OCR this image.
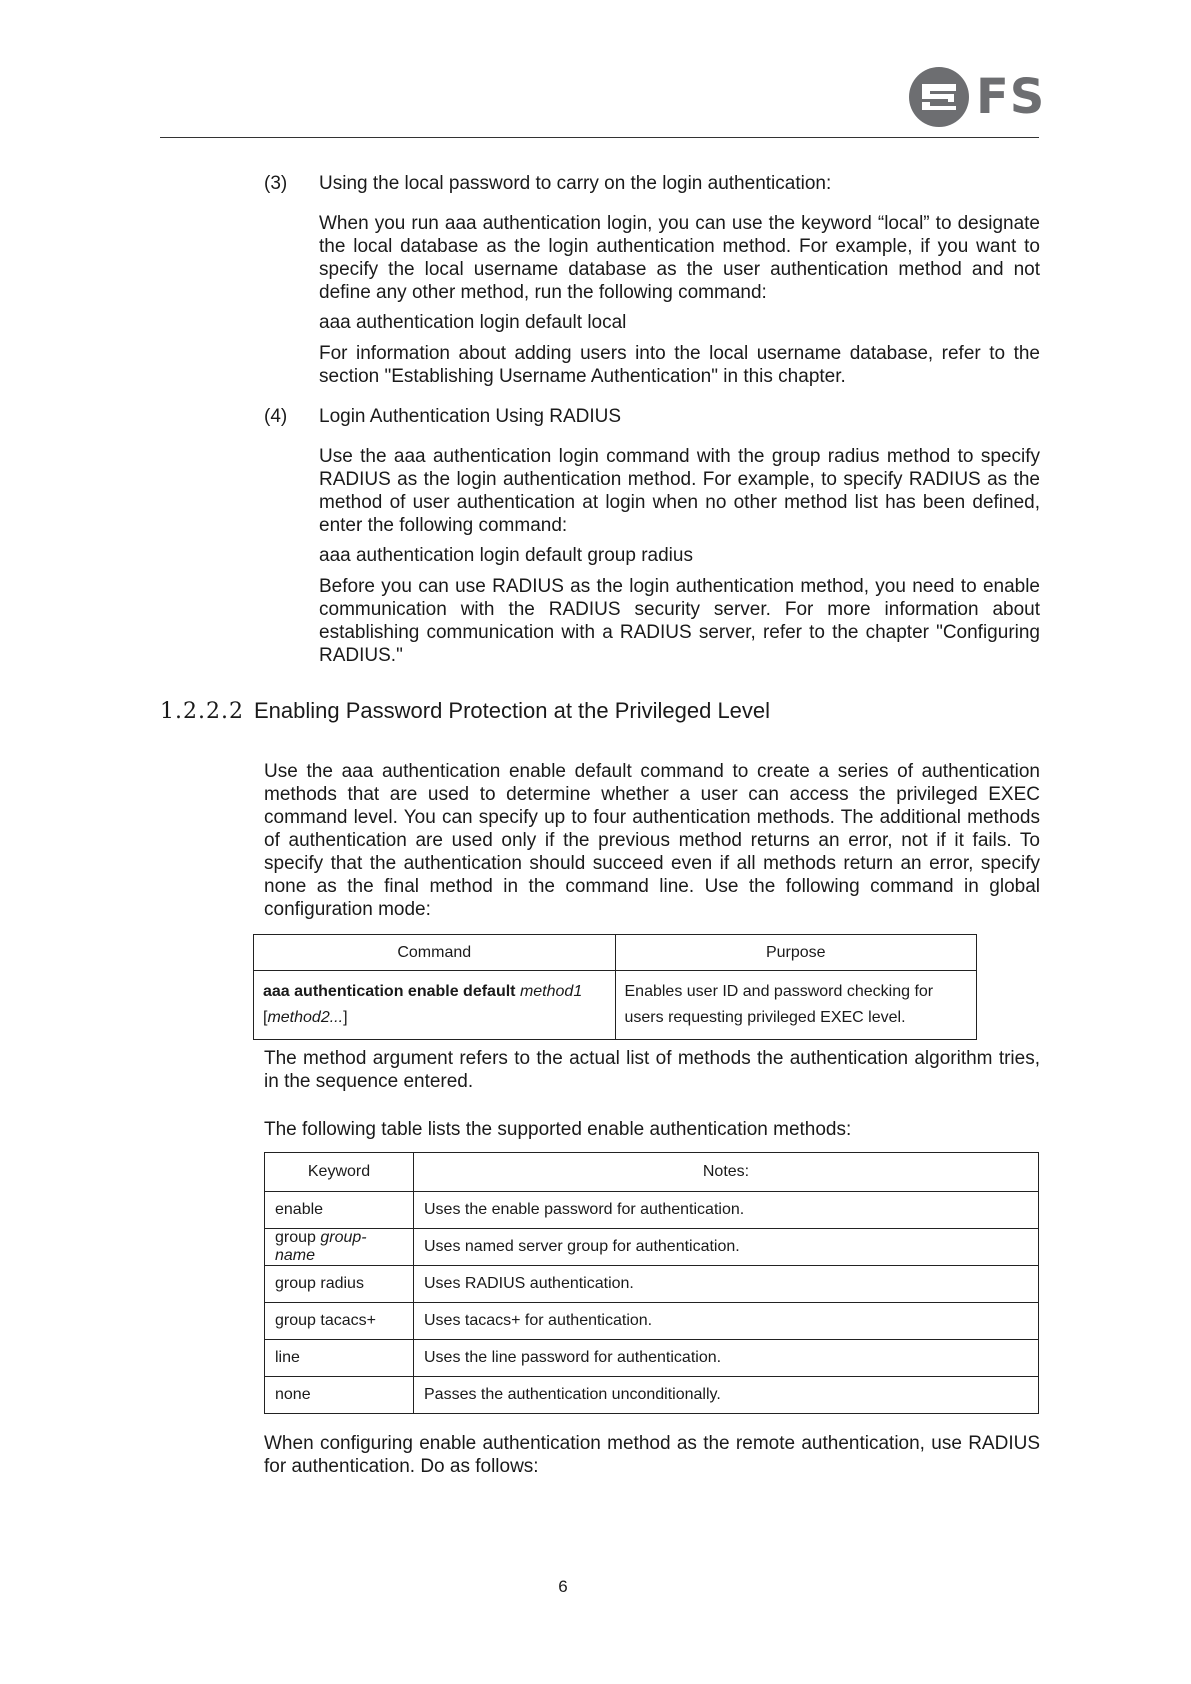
FS
(3) Using the local password to carry on the login authentication:

When you run aaa authentication login, you can use the keyword “local” to designate the local database as the login authentication method. For example, if you want to specify the local username database as the user authentication method and not define any other method, run the following command:

aaa authentication login default local

For information about adding users into the local username database, refer to the section "Establishing Username Authentication" in this chapter.

(4) Login Authentication Using RADIUS

Use the aaa authentication login command with the group radius method to specify RADIUS as the login authentication method. For example, to specify RADIUS as the method of user authentication at login when no other method list has been defined, enter the following command:

aaa authentication login default group radius

Before you can use RADIUS as the login authentication method, you need to enable communication with the RADIUS security server. For more information about establishing communication with a RADIUS server, refer to the chapter "Configuring RADIUS."

1.2.2.2 Enabling Password Protection at the Privileged Level

Use the aaa authentication enable default command to create a series of authentication methods that are used to determine whether a user can access the privileged EXEC command level. You can specify up to four authentication methods. The additional methods of authentication are used only if the previous method returns an error, not if it fails. To specify that the authentication should succeed even if all methods return an error, specify none as the final method in the command line. Use the following command in global configuration mode:

Command	Purpose
aaa authentication enable default method1
[method2...]	Enables user ID and password checking for users requesting privileged EXEC level.

The method argument refers to the actual list of methods the authentication algorithm tries, in the sequence entered.

The following table lists the supported enable authentication methods:
Keyword	Notes:
enable	Uses the enable password for authentication.
group group-name	Uses named server group for authentication.
group radius	Uses RADIUS authentication.
group tacacs+	Uses tacacs+ for authentication.
line	Uses the line password for authentication.
none	Passes the authentication unconditionally.

When configuring enable authentication method as the remote authentication, use RADIUS for authentication. Do as follows:

6
